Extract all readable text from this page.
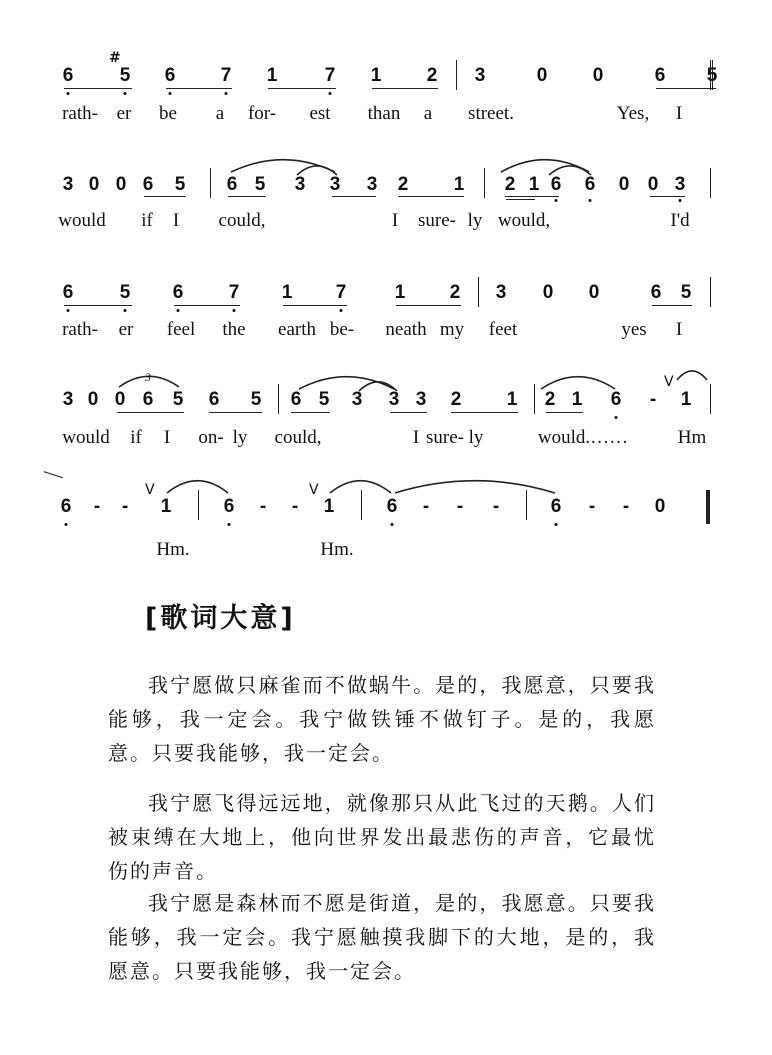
6 5 6 7 1 7 1 2 3	0 0	6 5
#
rath- er be a for- est than a street.	Yes, I
3 0 0 6 5 6 5 3 3 3 2 1 2 1 6 6 0 0 3
would if I could,	I sure- ly would,	I'd
6 5 6 7 1 7	1 2 3 0 0	6 5
rath- er feel the earth be- neath my feet	yes I
3 0 0 6 5 6 5 6 5 3 3 3 2 1 2 1 6 - 1
3	V
would if I on- ly could,	I sure- ly	would.……	Hm
6 - - 1	6 - - 1	6 - - -	6 - - 0
V	V
Hm.	Hm.
[歌词大意]

我宁愿做只麻雀而不做蜗牛。是的，我愿意，只要我能够，我一定会。我宁做铁锤不做钉子。是的，我愿意。只要我能够，我一定会。

我宁愿飞得远远地，就像那只从此飞过的天鹅。人们被束缚在大地上，他向世界发出最悲伤的声音，它最忧伤的声音。

我宁愿是森林而不愿是街道，是的，我愿意。只要我能够，我一定会。我宁愿触摸我脚下的大地，是的，我愿意。只要我能够，我一定会。
